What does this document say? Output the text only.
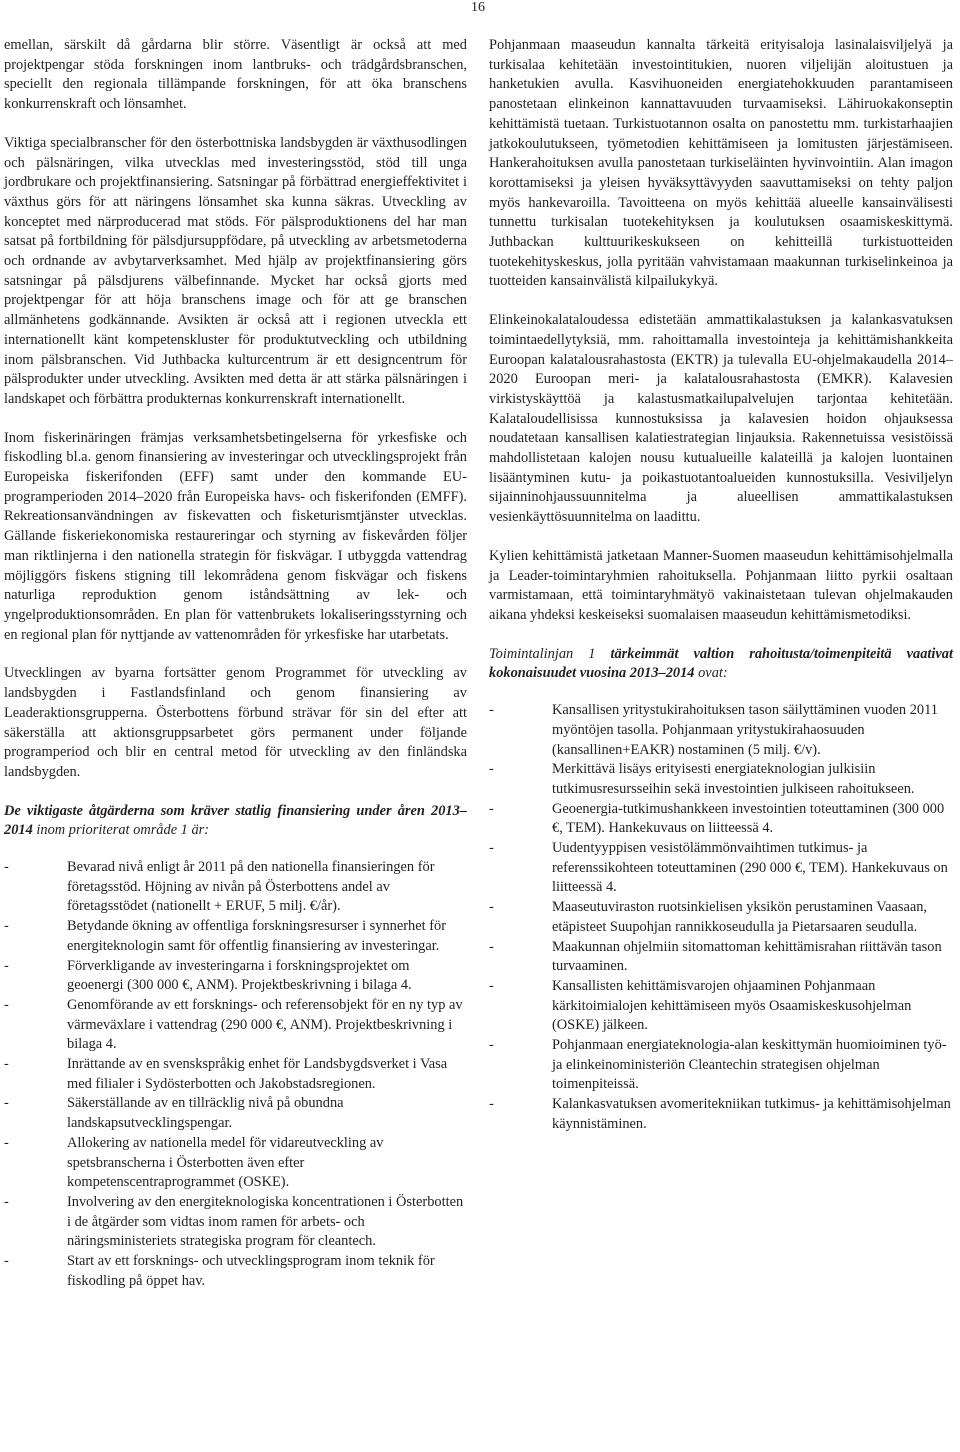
16

emellan, särskilt då gårdarna blir större. Väsentligt är också att med projektpengar stöda forskningen inom lantbruks- och trädgårdsbranschen, speciellt den regionala tillämpande forskningen, för att öka branschens konkurrenskraft och lönsamhet.

Viktiga specialbranscher för den österbottniska landsbygden är växthusodlingen och pälsnäringen, vilka utvecklas med investeringsstöd, stöd till unga jordbrukare och projektfinansiering. Satsningar på förbättrad energieffektivitet i växthus görs för att näringens lönsamhet ska kunna säkras. Utveckling av konceptet med närproducerad mat stöds. För pälsproduktionens del har man satsat på fortbildning för pälsdjursuppfödare, på utveckling av arbetsmetoderna och ordnande av avbytarverksamhet. Med hjälp av projektfinansiering görs satsningar på pälsdjurens välbefinnande. Mycket har också gjorts med projektpengar för att höja branschens image och för att ge branschen allmänhetens godkännande. Avsikten är också att i regionen utveckla ett internationellt känt kompetenskluster för produktutveckling och utbildning inom pälsbranschen. Vid Juthbacka kulturcentrum är ett designcentrum för pälsprodukter under utveckling. Avsikten med detta är att stärka pälsnäringen i landskapet och förbättra produkternas konkurrenskraft internationellt.

Inom fiskerinäringen främjas verksamhetsbetingelserna för yrkesfiske och fiskodling bl.a. genom finansiering av investeringar och utvecklingsprojekt från Europeiska fiskerifonden (EFF) samt under den kommande EU-programperioden 2014–2020 från Europeiska havs- och fiskerifonden (EMFF). Rekreationsanvändningen av fiskevatten och fisketurismtjänster utvecklas. Gällande fiskeriekonomiska restaureringar och styrning av fiskevården följer man riktlinjerna i den nationella strategin för fiskvägar. I utbyggda vattendrag möjliggörs fiskens stigning till lekområdena genom fiskvägar och fiskens naturliga reproduktion genom iståndsättning av lek- och yngelproduktionsområden. En plan för vattenbrukets lokaliseringsstyrning och en regional plan för nyttjande av vattenområden för yrkesfiske har utarbetats.

Utvecklingen av byarna fortsätter genom Programmet för utveckling av landsbygden i Fastlandsfinland och genom finansiering av Leaderaktionsgrupperna. Österbottens förbund strävar för sin del efter att säkerställa att aktionsgruppsarbetet görs permanent under följande programperiod och blir en central metod för utveckling av den finländska landsbygden.

De viktigaste åtgärderna som kräver statlig finansiering under åren 2013–2014 inom prioriterat område 1 är:

-	Bevarad nivå enligt år 2011 på den nationella finansieringen för företagsstöd. Höjning av nivån på Österbottens andel av företagsstödet (nationellt + ERUF, 5 milj. €/år).
-	Betydande ökning av offentliga forskningsresurser i synnerhet för energiteknologin samt för offentlig finansiering av investeringar.
-	Förverkligande av investeringarna i forskningsprojektet om geoenergi (300 000 €, ANM). Projektbeskrivning i bilaga 4.
-	Genomförande av ett forsknings- och referensobjekt för en ny typ av värmeväxlare i vattendrag (290 000 €, ANM). Projektbeskrivning i bilaga 4.
-	Inrättande av en svenskspråkig enhet för Landsbygdsverket i Vasa med filialer i Sydösterbotten och Jakobstadsregionen.
-	Säkerställande av en tillräcklig nivå på obundna landskapsutvecklingspengar.
-	Allokering av nationella medel för vidareutveckling av spetsbranscherna i Österbotten även efter kompetenscentraprogrammet (OSKE).
-	Involvering av den energiteknologiska koncentrationen i Österbotten i de åtgärder som vidtas inom ramen för arbets- och näringsministeriets strategiska program för cleantech.
-	Start av ett forsknings- och utvecklingsprogram inom teknik för fiskodling på öppet hav.

Pohjanmaan maaseudun kannalta tärkeitä erityisaloja lasinalaisviljelyä ja turkisalaa kehitetään investointitukien, nuoren viljelijän aloitustuen ja hanketukien avulla. Kasvihuoneiden energiatehokkuuden parantamiseen panostetaan elinkeinon kannattavuuden turvaamiseksi. Lähiruokakonseptin kehittämistä tuetaan. Turkistuotannon osalta on panostettu mm. turkistarhaajien jatkokoulutukseen, työmetodien kehittämiseen ja lomitusten järjestämiseen. Hankerahoituksen avulla panostetaan turkiseläinten hyvinvointiin. Alan imagon korottamiseksi ja yleisen hyväksyttävyyden saavuttamiseksi on tehty paljon myös hankevaroilla. Tavoitteena on myös kehittää alueelle kansainvälisesti tunnettu turkisalan tuotekehityksen ja koulutuksen osaamiskeskittymä. Juthbackan kulttuurikeskukseen on kehitteillä turkistuotteiden tuotekehityskeskus, jolla pyritään vahvistamaan maakunnan turkiselinkeinoa ja tuotteiden kansainvälistä kilpailukykyä.

Elinkeinokalataloudessa edistetään ammattikalastuksen ja kalankasvatuksen toimintaedellytyksiä, mm. rahoittamalla investointeja ja kehittämishankkeita Euroopan kalatalousrahastosta (EKTR) ja tulevalla EU-ohjelmakaudella 2014–2020 Euroopan meri- ja kalatalousrahastosta (EMKR). Kalavesien virkistyskäyttöä ja kalastusmatkailupalvelujen tarjontaa kehitetään. Kalataloudellisissa kunnostuksissa ja kalavesien hoidon ohjauksessa noudatetaan kansallisen kalatiestrategian linjauksia. Rakennetuissa vesistöissä mahdollistetaan kalojen nousu kutualueille kalateillä ja kalojen luontainen lisääntyminen kutu- ja poikastuotantoalueiden kunnostuksilla. Vesiviljelyn sijainninohjaussuunnitelma ja alueellisen ammattikalastuksen vesienkäyttösuunnitelma on laadittu.

Kylien kehittämistä jatketaan Manner-Suomen maaseudun kehittämisohjelmalla ja Leader-toimintaryhmien rahoituksella. Pohjanmaan liitto pyrkii osaltaan varmistamaan, että toimintaryhmätyö vakinaistetaan tulevan ohjelmakauden aikana yhdeksi keskeiseksi suomalaisen maaseudun kehittämismetodiksi.

Toimintalinjan 1 tärkeimmät valtion rahoitusta/toimenpiteitä vaativat kokonaisuudet vuosina 2013–2014 ovat:

-	Kansallisen yritystukirahoituksen tason säilyttäminen vuoden 2011 myöntöjen tasolla. Pohjanmaan yritystukirahaosuuden (kansallinen+EAKR) nostaminen (5 milj. €/v).
-	Merkittävä lisäys erityisesti energiateknologian julkisiin tutkimusresursseihin sekä investointien julkiseen rahoitukseen.
-	Geoenergia-tutkimushankkeen investointien toteuttaminen (300 000 €, TEM). Hankekuvaus on liitteessä 4.
-	Uudentyyppisen vesistölämmönvaihtimen tutkimus- ja referenssikohteen toteuttaminen (290 000 €, TEM). Hankekuvaus on liitteessä 4.
-	Maaseutuviraston ruotsinkielisen yksikön perustaminen Vaasaan, etäpisteet Suupohjan rannikkoseudulla ja Pietarsaaren seudulla.
-	Maakunnan ohjelmiin sitomattoman kehittämisrahan riittävän tason turvaaminen.
-	Kansallisten kehittämisvarojen ohjaaminen Pohjanmaan kärkitoimialojen kehittämiseen myös Osaamiskeskusohjelman (OSKE) jälkeen.
-	Pohjanmaan energiateknologia-alan keskittymän huomioiminen työ- ja elinkeinoministeriön Cleantechin strategisen ohjelman toimenpiteissä.
-	Kalankasvatuksen avomeritekniikan tutkimus- ja kehittämisohjelman käynnistäminen.
